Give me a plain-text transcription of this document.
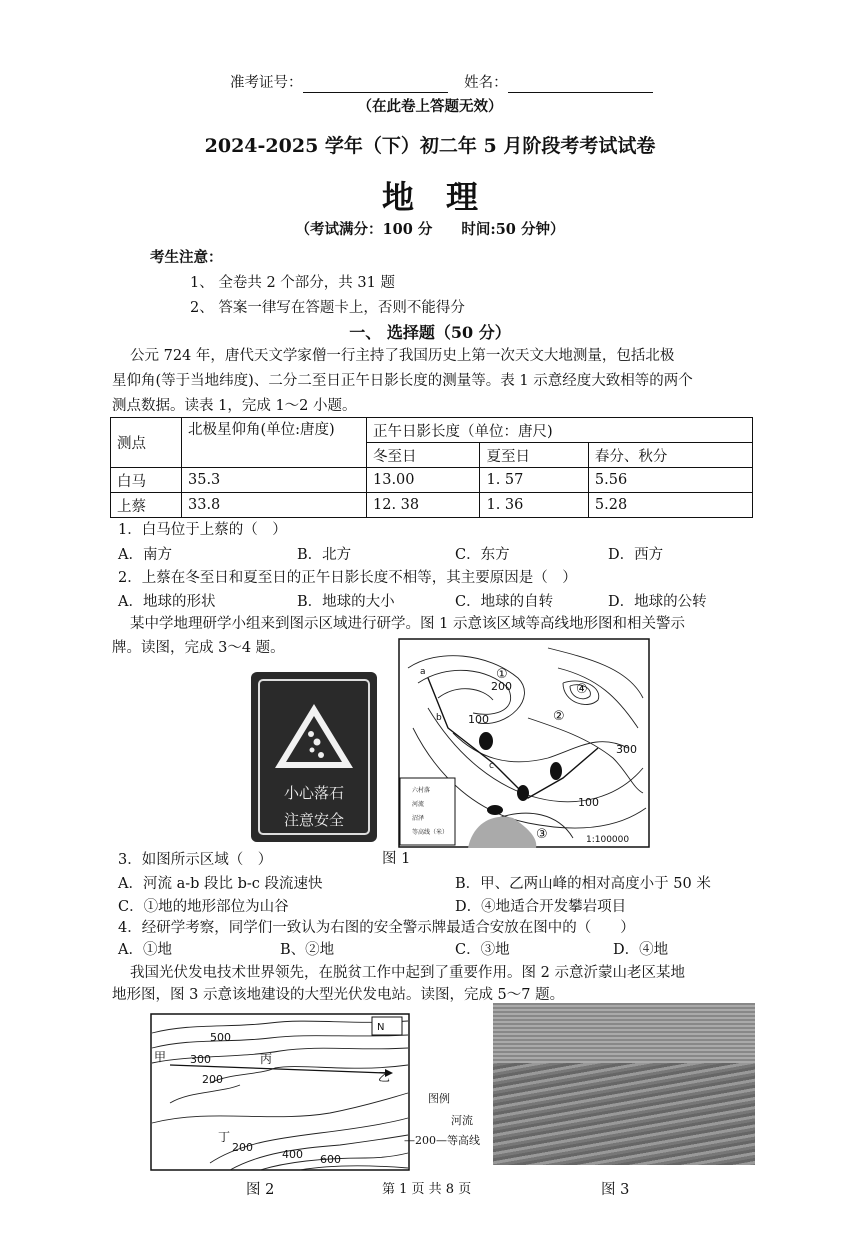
准考证号：	姓名：
（在此卷上答题无效）
2024-2025 学年（下）初二年 5 月阶段考考试试卷
地　理
（考试满分：100 分　　时间:50 分钟）
考生注意：
1、 全卷共 2 个部分，共 31 题
2、 答案一律写在答题卡上，否则不能得分
一、 选择题（50 分）
公元 724 年，唐代天文学家僧一行主持了我国历史上第一次天文大地测量，包括北极
星仰角(等于当地纬度)、二分二至日正午日影长度的测量等。表 1 示意经度大致相等的两个
测点数据。读表 1，完成 1～2 小题。
测点	北极星仰角(单位:唐度)	正午日影长度（单位：唐尺)		
		冬至日	夏至日	春分、秋分
白马	35.3	13.00	1. 57	5.56
上蔡	33.8	12. 38	1. 36	5.28
1．白马位于上蔡的（　）
A．南方	B．北方	C．东方	D．西方
2．上蔡在冬至日和夏至日的正午日影长度不相等，其主要原因是（　）
A．地球的形状	B．地球的大小	C．地球的自转	D．地球的公转
某中学地理研学小组来到图示区域进行研学。图 1 示意该区域等高线地形图和相关警示
牌。读图，完成 3～4 题。
小心落石
注意安全
200
100
300
100
①
②
③
④
a
b
c
1:100000
六村落
河流
沼泽
等高线（米）
图 1
3．如图所示区域（　）
A．河流 a-b 段比 b-c 段流速快	B．甲、乙两山峰的相对高度小于 50 米
C．①地的地形部位为山谷	D．④地适合开发攀岩项目
4．经研学考察，同学们一致认为右图的安全警示牌最适合安放在图中的（　　）
A．①地	B、②地	C．③地	D．④地
我国光伏发电技术世界领先，在脱贫工作中起到了重要作用。图 2 示意沂蒙山老区某地
地形图，图 3 示意该地建设的大型光伏发电站。读图，完成 5～7 题。
500
300
200
200
400 600
甲	丙
乙
丁
N
图例
河流
—200—等高线
图 2	第 1 页 共 8 页	图 3
